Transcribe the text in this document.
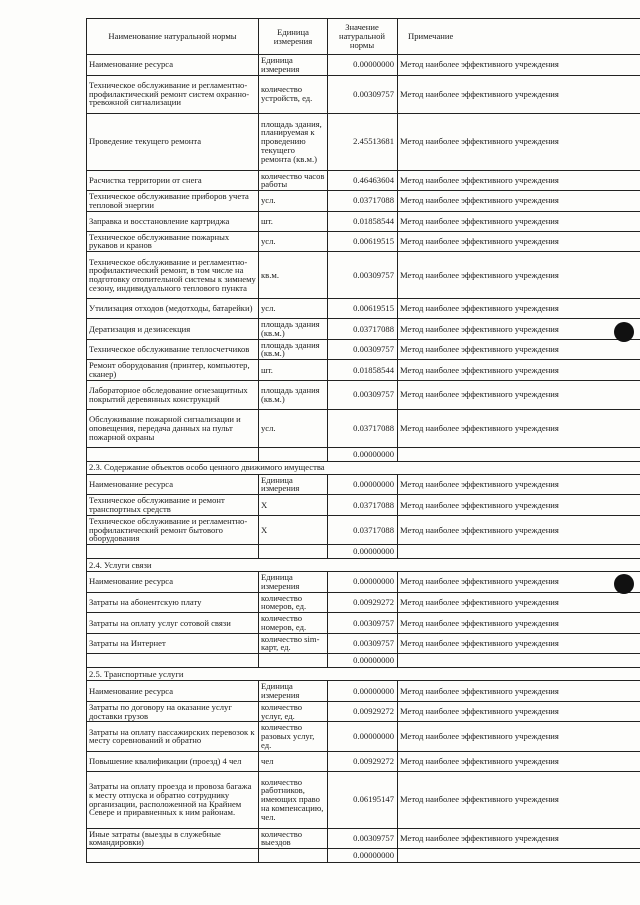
Наименование натуральной нормы	Единица измерения	Значение натуральной нормы	Примечание
Наименование ресурса	Единица измерения	0.00000000	Метод наиболее эффективного учреждения
Техническое обслуживание и регламентно-профилактический ремонт систем охранно-тревожной сигнализации	количество устройств, ед.	0.00309757	Метод наиболее эффективного учреждения
Проведение текущего ремонта	площадь здания, планируемая к проведению текущего ремонта (кв.м.)	2.45513681	Метод наиболее эффективного учреждения
Расчистка территории от снега	количество часов работы	0.46463604	Метод наиболее эффективного учреждения
Техническое обслуживание приборов учета тепловой энергии	усл.	0.03717088	Метод наиболее эффективного учреждения
Заправка и восстановление картриджа	шт.	0.01858544	Метод наиболее эффективного учреждения
Техническое обслуживание пожарных рукавов и кранов	усл.	0.00619515	Метод наиболее эффективного учреждения
Техническое обслуживание и регламентно-профилактический ремонт, в том числе на подготовку отопительной системы к зимнему сезону, индивидуального теплового пункта	кв.м.	0.00309757	Метод наиболее эффективного учреждения
Утилизация отходов (медотходы, батарейки)	усл.	0.00619515	Метод наиболее эффективного учреждения
Дератизация и дезинсекция	площадь здания (кв.м.)	0.03717088	Метод наиболее эффективного учреждения
Техническое обслуживание теплосчетчиков	площадь здания (кв.м.)	0.00309757	Метод наиболее эффективного учреждения
Ремонт оборудования (принтер, компьютер, сканер)	шт.	0.01858544	Метод наиболее эффективного учреждения
Лабораторное обследование огнезащитных покрытий деревянных конструкций	площадь здания (кв.м.)	0.00309757	Метод наиболее эффективного учреждения
Обслуживание пожарной сигнализации и оповещения, передача данных на пульт пожарной охраны	усл.	0.03717088	Метод наиболее эффективного учреждения
		0.00000000	
2.3. Содержание объектов особо ценного движимого имущества			
Наименование ресурса	Единица измерения	0.00000000	Метод наиболее эффективного учреждения
Техническое обслуживание и ремонт транспортных средств	Х	0.03717088	Метод наиболее эффективного учреждения
Техническое обслуживание и регламентно-профилактический ремонт бытового оборудования	Х	0.03717088	Метод наиболее эффективного учреждения
		0.00000000	
2.4. Услуги связи			
Наименование ресурса	Единица измерения	0.00000000	Метод наиболее эффективного учреждения
Затраты на абонентскую плату	количество номеров, ед.	0.00929272	Метод наиболее эффективного учреждения
Затраты на оплату услуг сотовой связи	количество номеров, ед.	0.00309757	Метод наиболее эффективного учреждения
Затраты на Интернет	количество sim-карт, ед.	0.00309757	Метод наиболее эффективного учреждения
		0.00000000	
2.5. Транспортные услуги			
Наименование ресурса	Единица измерения	0.00000000	Метод наиболее эффективного учреждения
Затраты по договору на оказание услуг доставки грузов	количество услуг, ед.	0.00929272	Метод наиболее эффективного учреждения
Затраты на оплату пассажирских перевозок к месту соревнований и обратно	количество разовых услуг, ед.	0.00000000	Метод наиболее эффективного учреждения
Повышение квалификации (проезд) 4 чел	чел	0.00929272	Метод наиболее эффективного учреждения
Затраты на оплату проезда и провоза багажа к месту отпуска и обратно сотруднику организации, расположенной на Крайнем Севере и приравненных к ним районам.	количество работников, имеющих право на компенсацию, чел.	0.06195147	Метод наиболее эффективного учреждения
Иные затраты (выезды в служебные командировки)	количество выездов	0.00309757	Метод наиболее эффективного учреждения
		0.00000000	
